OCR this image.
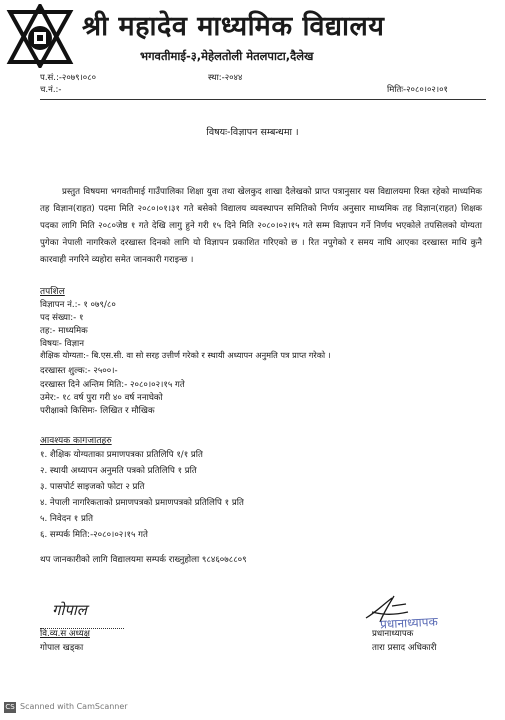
श्री महादेव माध्यमिक विद्यालय
भगवतीमाई-३,मेहेलतोली मेतलपाटा,दैलेख
प.सं.:-२०७९।०८०
च.नं.:-
स्था:-२०४४
मितिः-२०८०।०२।०१
विषयः-विज्ञापन सम्बन्धमा ।
प्रस्तुत विषयमा भगवतीमाई गाउँपालिका शिक्षा युवा तथा खेलकुद शाखा दैलेखको प्राप्त पत्रानुसार यस विद्यालयमा रिक्त रहेको माध्यमिक तह विज्ञान(राहत) पदमा मिति २०८०।०१।३१ गते बसेको विद्यालय व्यवस्थापन समितिको निर्णय अनुसार माध्यमिक तह विज्ञान(राहत) शिक्षक पदका लागि मिति २०८०जेष्ठ १ गते देखि लागु हुने गरी १५ दिने मिति २०८०।०२।१५ गते सम्म विज्ञापन गर्ने निर्णय भएकोले तपसिलको योग्यता पुगेका नेपाली नागरिकले दरखास्त दिनको लागि यो विज्ञापन प्रकाशित गरिएको छ । रित नपुगेको र समय नाघि आएका दरखास्त माथि कुनै कारवाही नगरिने व्यहोरा समेत जानकारी गराइन्छ ।
तपशिल
विज्ञापन नं.:- १ ०७९/८०
पद संख्या:- १
तह:- माध्यमिक
विषयः- विज्ञान
शैक्षिक योग्यता:- बि.एस.सी. वा सो सरह उत्तीर्ण गरेको र स्थायी अध्यापन अनुमति पत्र प्राप्त गरेको ।
दरखास्त शुल्क:- २५००।-
दरखास्त दिने अन्तिम मिति:- २०८०।०२।१५ गते
उमेर:- १८ वर्ष पुरा गरी ४० वर्ष ननाघेको
परीक्षाको किसिमः- लिखित र मौखिक
आवश्यक कागजातहरु
१. शैक्षिक योग्यताका प्रमाणपत्रका प्रतिलिपि १/१ प्रति
२. स्थायी अध्यापन अनुमति पत्रको प्रतिलिपि १ प्रति
३. पासपोर्ट साइजको फोटा २ प्रति
४. नेपाली नागरिकताको प्रमाणपत्रको प्रमाणपत्रको प्रतिलिपि १ प्रति
५. निवेदन १ प्रति
६. सम्पर्क मिति:-२०८०।०२।१५ गते
थप जानकारीको लागि विद्यालयमा सम्पर्क राख्नुहोला ९८४६०७८८०९
गोपाल
वि.व्य.स अध्यक्ष
गोपाल खड्का
प्रधानाध्यापक
प्रधानाध्यापक
तारा प्रसाद अधिकारी
CS Scanned with CamScanner
